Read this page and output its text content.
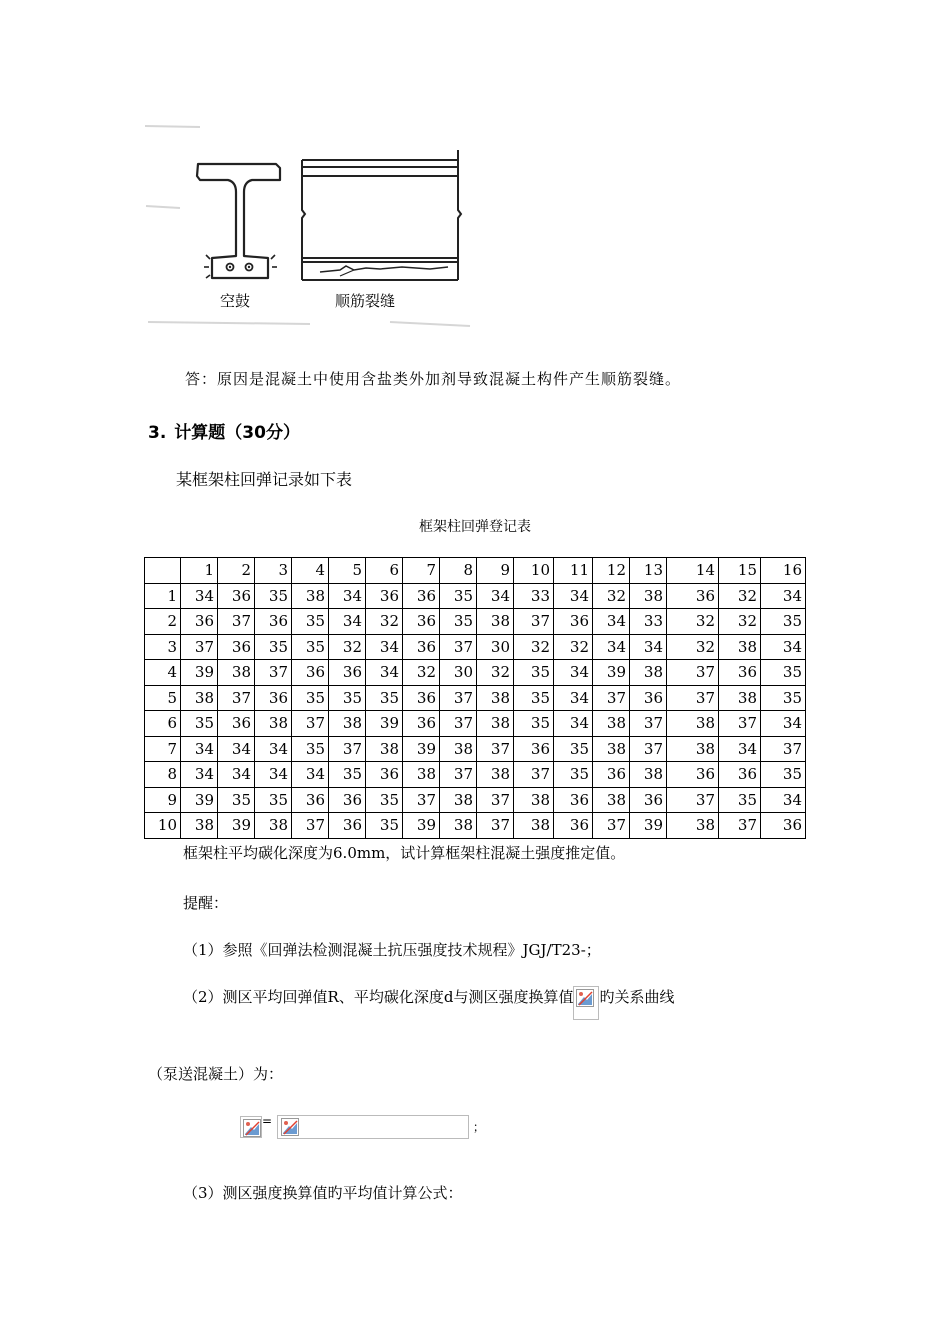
空鼓	顺筋裂缝
答：原因是混凝土中使用含盐类外加剂导致混凝土构件产生顺筋裂缝。
3. 计算题（30分）
某框架柱回弹记录如下表
框架柱回弹登记表
	1	2	3	4	5	6	7	8	9	10	11	12	13	14	15	16
1	34	36	35	38	34	36	36	35	34	33	34	32	38	36	32	34
2	36	37	36	35	34	32	36	35	38	37	36	34	33	32	32	35
3	37	36	35	35	32	34	36	37	30	32	32	34	34	32	38	34
4	39	38	37	36	36	34	32	30	32	35	34	39	38	37	36	35
5	38	37	36	35	35	35	36	37	38	35	34	37	36	37	38	35
6	35	36	38	37	38	39	36	37	38	35	34	38	37	38	37	34
7	34	34	34	35	37	38	39	38	37	36	35	38	37	38	34	37
8	34	34	34	34	35	36	38	37	38	37	35	36	38	36	36	35
9	39	35	35	36	36	35	37	38	37	38	36	38	36	37	35	34
10	38	39	38	37	36	35	39	38	37	38	36	37	39	38	37	36
框架柱平均碳化深度为6.0mm，试计算框架柱混凝土强度推定值。
提醒：
（1）参照《回弹法检测混凝土抗压强度技术规程》JGJ/T23-；
（2）测区平均回弹值R、平均碳化深度d与测区强度换算值 旳关系曲线
（泵送混凝土）为：
=	；
（3）测区强度换算值旳平均值计算公式：
